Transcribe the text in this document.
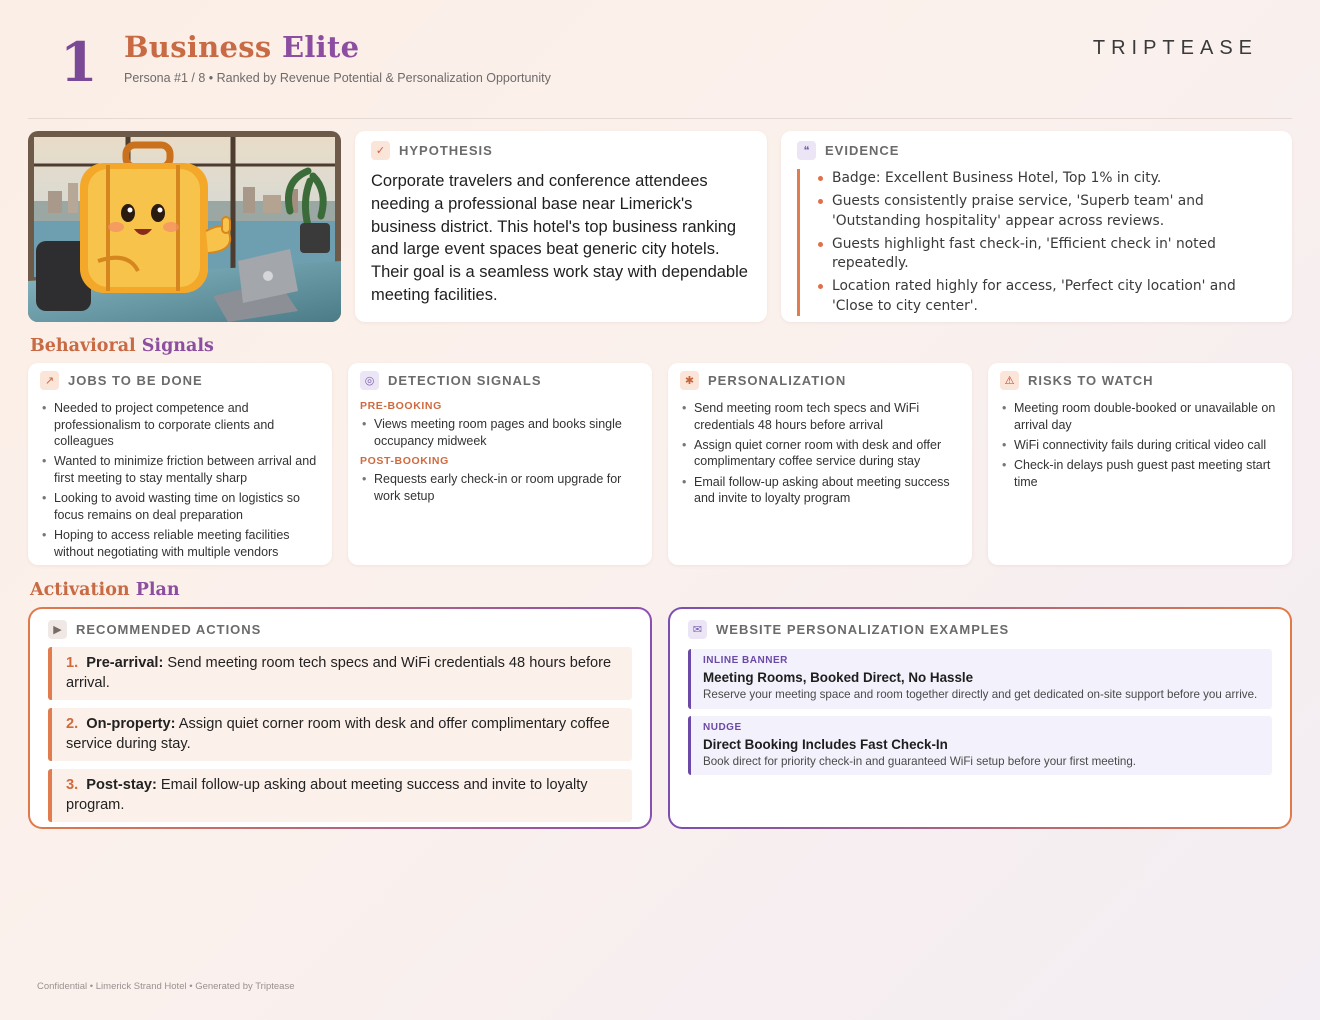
1 Business Elite
Persona #1 / 8 • Ranked by Revenue Potential & Personalization Opportunity
TRIPTEASE
✓	HYPOTHESIS
Corporate travelers and conference attendees needing a professional base near Limerick's business district. This hotel's top business ranking and large event spaces beat generic city hotels. Their goal is a seamless work stay with dependable meeting facilities.
❝	EVIDENCE
Badge: Excellent Business Hotel, Top 1% in city.
Guests consistently praise service, 'Superb team' and 'Outstanding hospitality' appear across reviews.
Guests highlight fast check-in, 'Efficient check in' noted repeatedly.
Location rated highly for access, 'Perfect city location' and 'Close to city center'.
Behavioral Signals
↗	JOBS TO BE DONE
• Needed to project competence and professionalism to corporate clients and colleagues
• Wanted to minimize friction between arrival and first meeting to stay mentally sharp
• Looking to avoid wasting time on logistics so focus remains on deal preparation
• Hoping to access reliable meeting facilities without negotiating with multiple vendors
◎	DETECTION SIGNALS
PRE-BOOKING
• Views meeting room pages and books single occupancy midweek
POST-BOOKING
• Requests early check-in or room upgrade for work setup
✱	PERSONALIZATION
• Send meeting room tech specs and WiFi credentials 48 hours before arrival
• Assign quiet corner room with desk and offer complimentary coffee service during stay
• Email follow-up asking about meeting success and invite to loyalty program
⚠	RISKS TO WATCH
• Meeting room double-booked or unavailable on arrival day
• WiFi connectivity fails during critical video call
• Check-in delays push guest past meeting start time
Activation Plan
▶	RECOMMENDED ACTIONS
1. Pre-arrival: Send meeting room tech specs and WiFi credentials 48 hours before arrival.
2. On-property: Assign quiet corner room with desk and offer complimentary coffee service during stay.
3. Post-stay: Email follow-up asking about meeting success and invite to loyalty program.
✉	WEBSITE PERSONALIZATION EXAMPLES
INLINE BANNER
Meeting Rooms, Booked Direct, No Hassle
Reserve your meeting space and room together directly and get dedicated on-site support before you arrive.
NUDGE
Direct Booking Includes Fast Check-In
Book direct for priority check-in and guaranteed WiFi setup before your first meeting.
Confidential • Limerick Strand Hotel • Generated by Triptease
